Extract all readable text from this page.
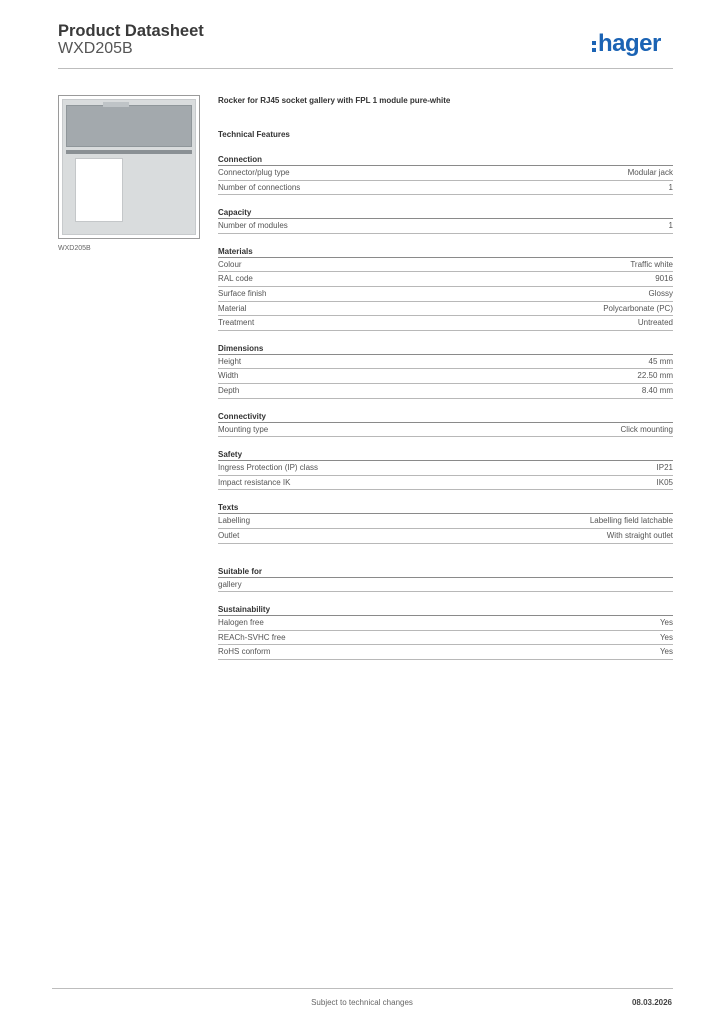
Product Datasheet
WXD205B	hager
WXD205B
Rocker for RJ45 socket gallery with FPL 1 module pure-white
Technical Features
Connection
Connector/plug type	Modular jack
Number of connections	1
Capacity
Number of modules	1
Materials
Colour	Traffic white
RAL code	9016
Surface finish	Glossy
Material	Polycarbonate (PC)
Treatment	Untreated
Dimensions
Height	45 mm
Width	22.50 mm
Depth	8.40 mm
Connectivity
Mounting type	Click mounting
Safety
Ingress Protection (IP) class	IP21
Impact resistance IK	IK05
Texts
Labelling	Labelling field latchable
Outlet	With straight outlet
Suitable for
gallery
Sustainability
Halogen free	Yes
REACh-SVHC free	Yes
RoHS conform	Yes
Subject to technical changes	08.03.2026
